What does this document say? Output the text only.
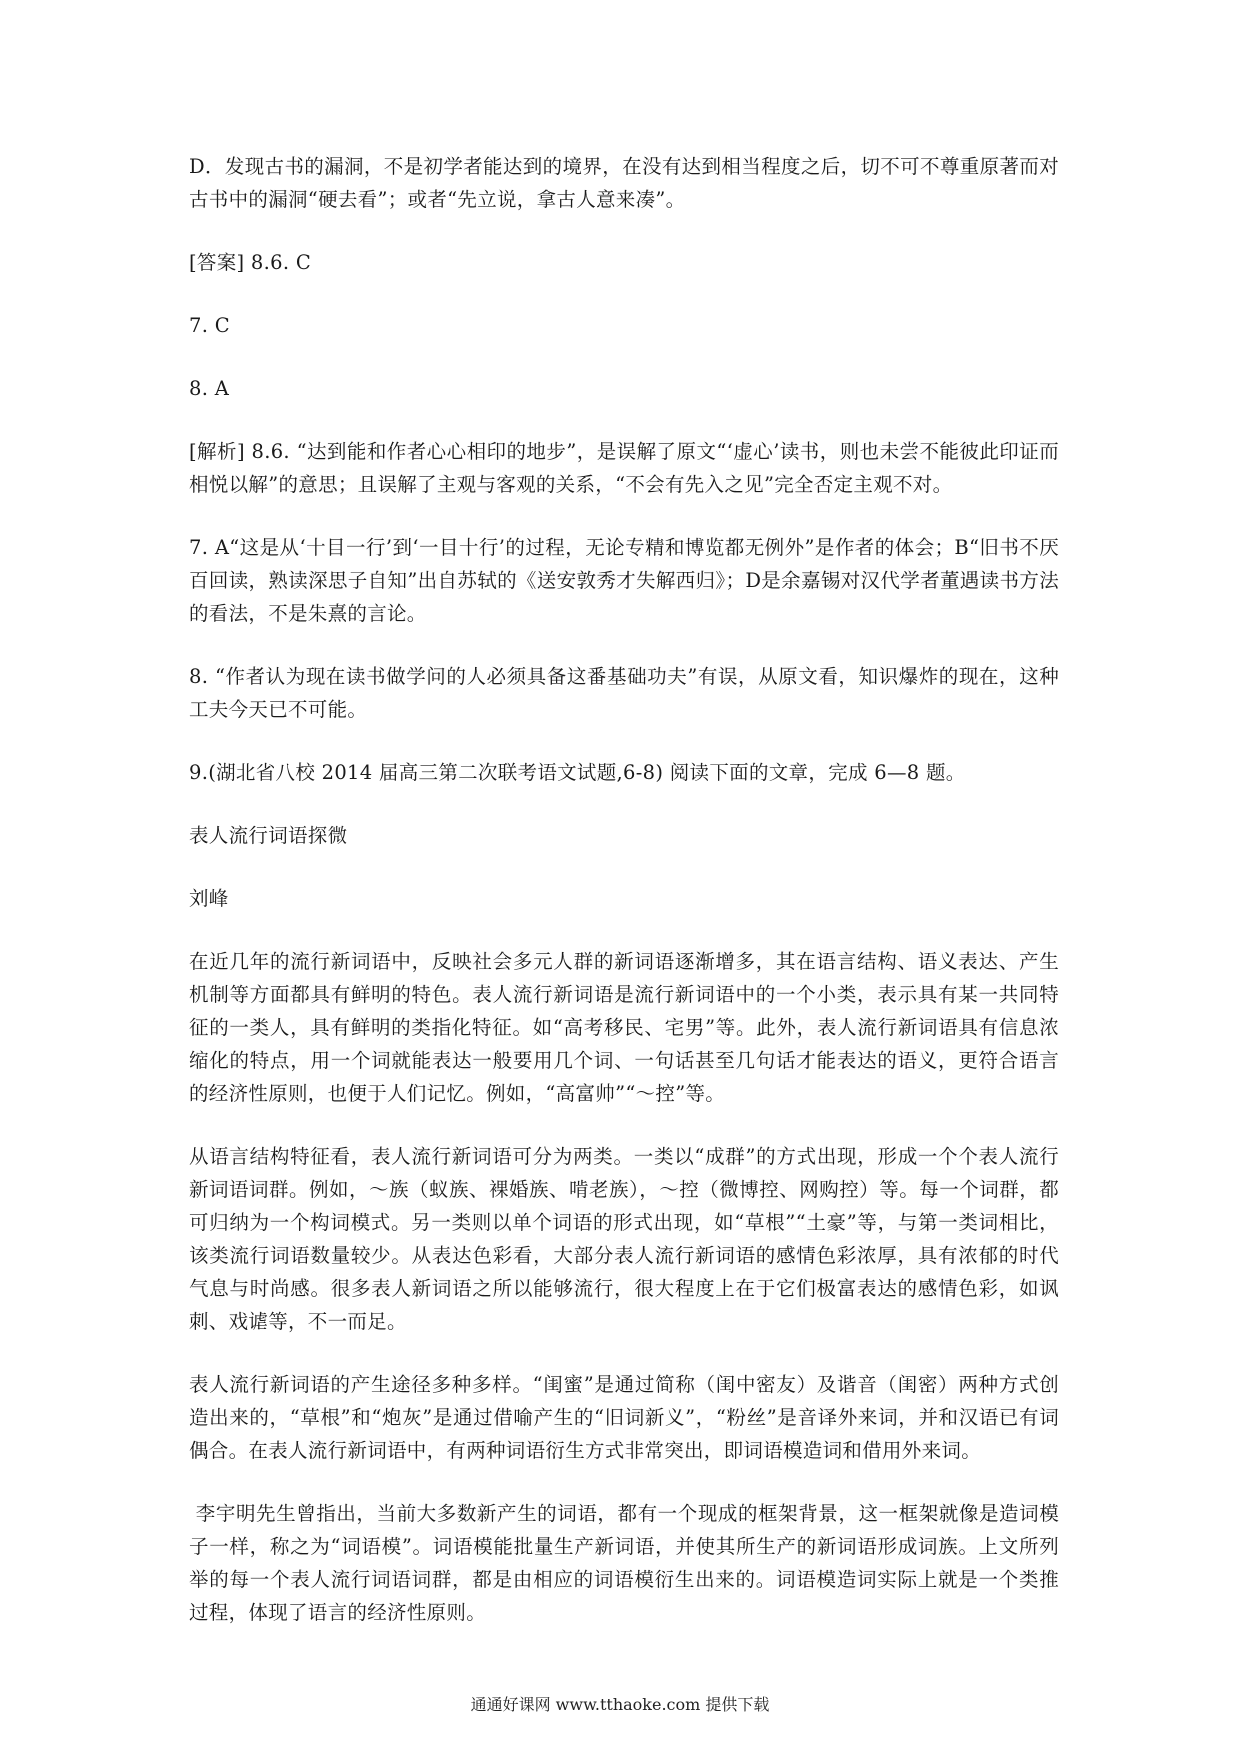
D．发现古书的漏洞，不是初学者能达到的境界，在没有达到相当程度之后，切不可不尊重原著而对古书中的漏洞“硬去看”；或者“先立说，拿古人意来凑”。

[答案] 8.6. C

7. C

8. A

[解析] 8.6. “达到能和作者心心相印的地步”，是误解了原文“‘虚心’读书，则也未尝不能彼此印证而相悦以解”的意思；且误解了主观与客观的关系，“不会有先入之见”完全否定主观不对。

7. A“这是从‘十目一行’到‘一目十行’的过程，无论专精和博览都无例外”是作者的体会；B“旧书不厌百回读，熟读深思子自知”出自苏轼的《送安敦秀才失解西归》；D是余嘉锡对汉代学者董遇读书方法的看法，不是朱熹的言论。

8. “作者认为现在读书做学问的人必须具备这番基础功夫”有误，从原文看，知识爆炸的现在，这种工夫今天已不可能。

9.(湖北省八校 2014 届高三第二次联考语文试题,6-8) 阅读下面的文章，完成 6—8 题。

表人流行词语探微

刘峰

在近几年的流行新词语中，反映社会多元人群的新词语逐渐增多，其在语言结构、语义表达、产生机制等方面都具有鲜明的特色。表人流行新词语是流行新词语中的一个小类，表示具有某一共同特征的一类人，具有鲜明的类指化特征。如“高考移民、宅男”等。此外，表人流行新词语具有信息浓缩化的特点，用一个词就能表达一般要用几个词、一句话甚至几句话才能表达的语义，更符合语言的经济性原则，也便于人们记忆。例如，“高富帅”“～控”等。

从语言结构特征看，表人流行新词语可分为两类。一类以“成群”的方式出现，形成一个个表人流行新词语词群。例如，～族（蚁族、裸婚族、啃老族），～控（微博控、网购控）等。每一个词群，都可归纳为一个构词模式。另一类则以单个词语的形式出现，如“草根”“土豪”等，与第一类词相比，该类流行词语数量较少。从表达色彩看，大部分表人流行新词语的感情色彩浓厚，具有浓郁的时代气息与时尚感。很多表人新词语之所以能够流行，很大程度上在于它们极富表达的感情色彩，如讽刺、戏谑等，不一而足。

表人流行新词语的产生途径多种多样。“闺蜜”是通过简称（闺中密友）及谐音（闺密）两种方式创造出来的，“草根”和“炮灰”是通过借喻产生的“旧词新义”，“粉丝”是音译外来词，并和汉语已有词偶合。在表人流行新词语中，有两种词语衍生方式非常突出，即词语模造词和借用外来词。

李宇明先生曾指出，当前大多数新产生的词语，都有一个现成的框架背景，这一框架就像是造词模子一样，称之为“词语模”。词语模能批量生产新词语，并使其所生产的新词语形成词族。上文所列举的每一个表人流行词语词群，都是由相应的词语模衍生出来的。词语模造词实际上就是一个类推过程，体现了语言的经济性原则。

通通好课网 www.tthaoke.com 提供下载
